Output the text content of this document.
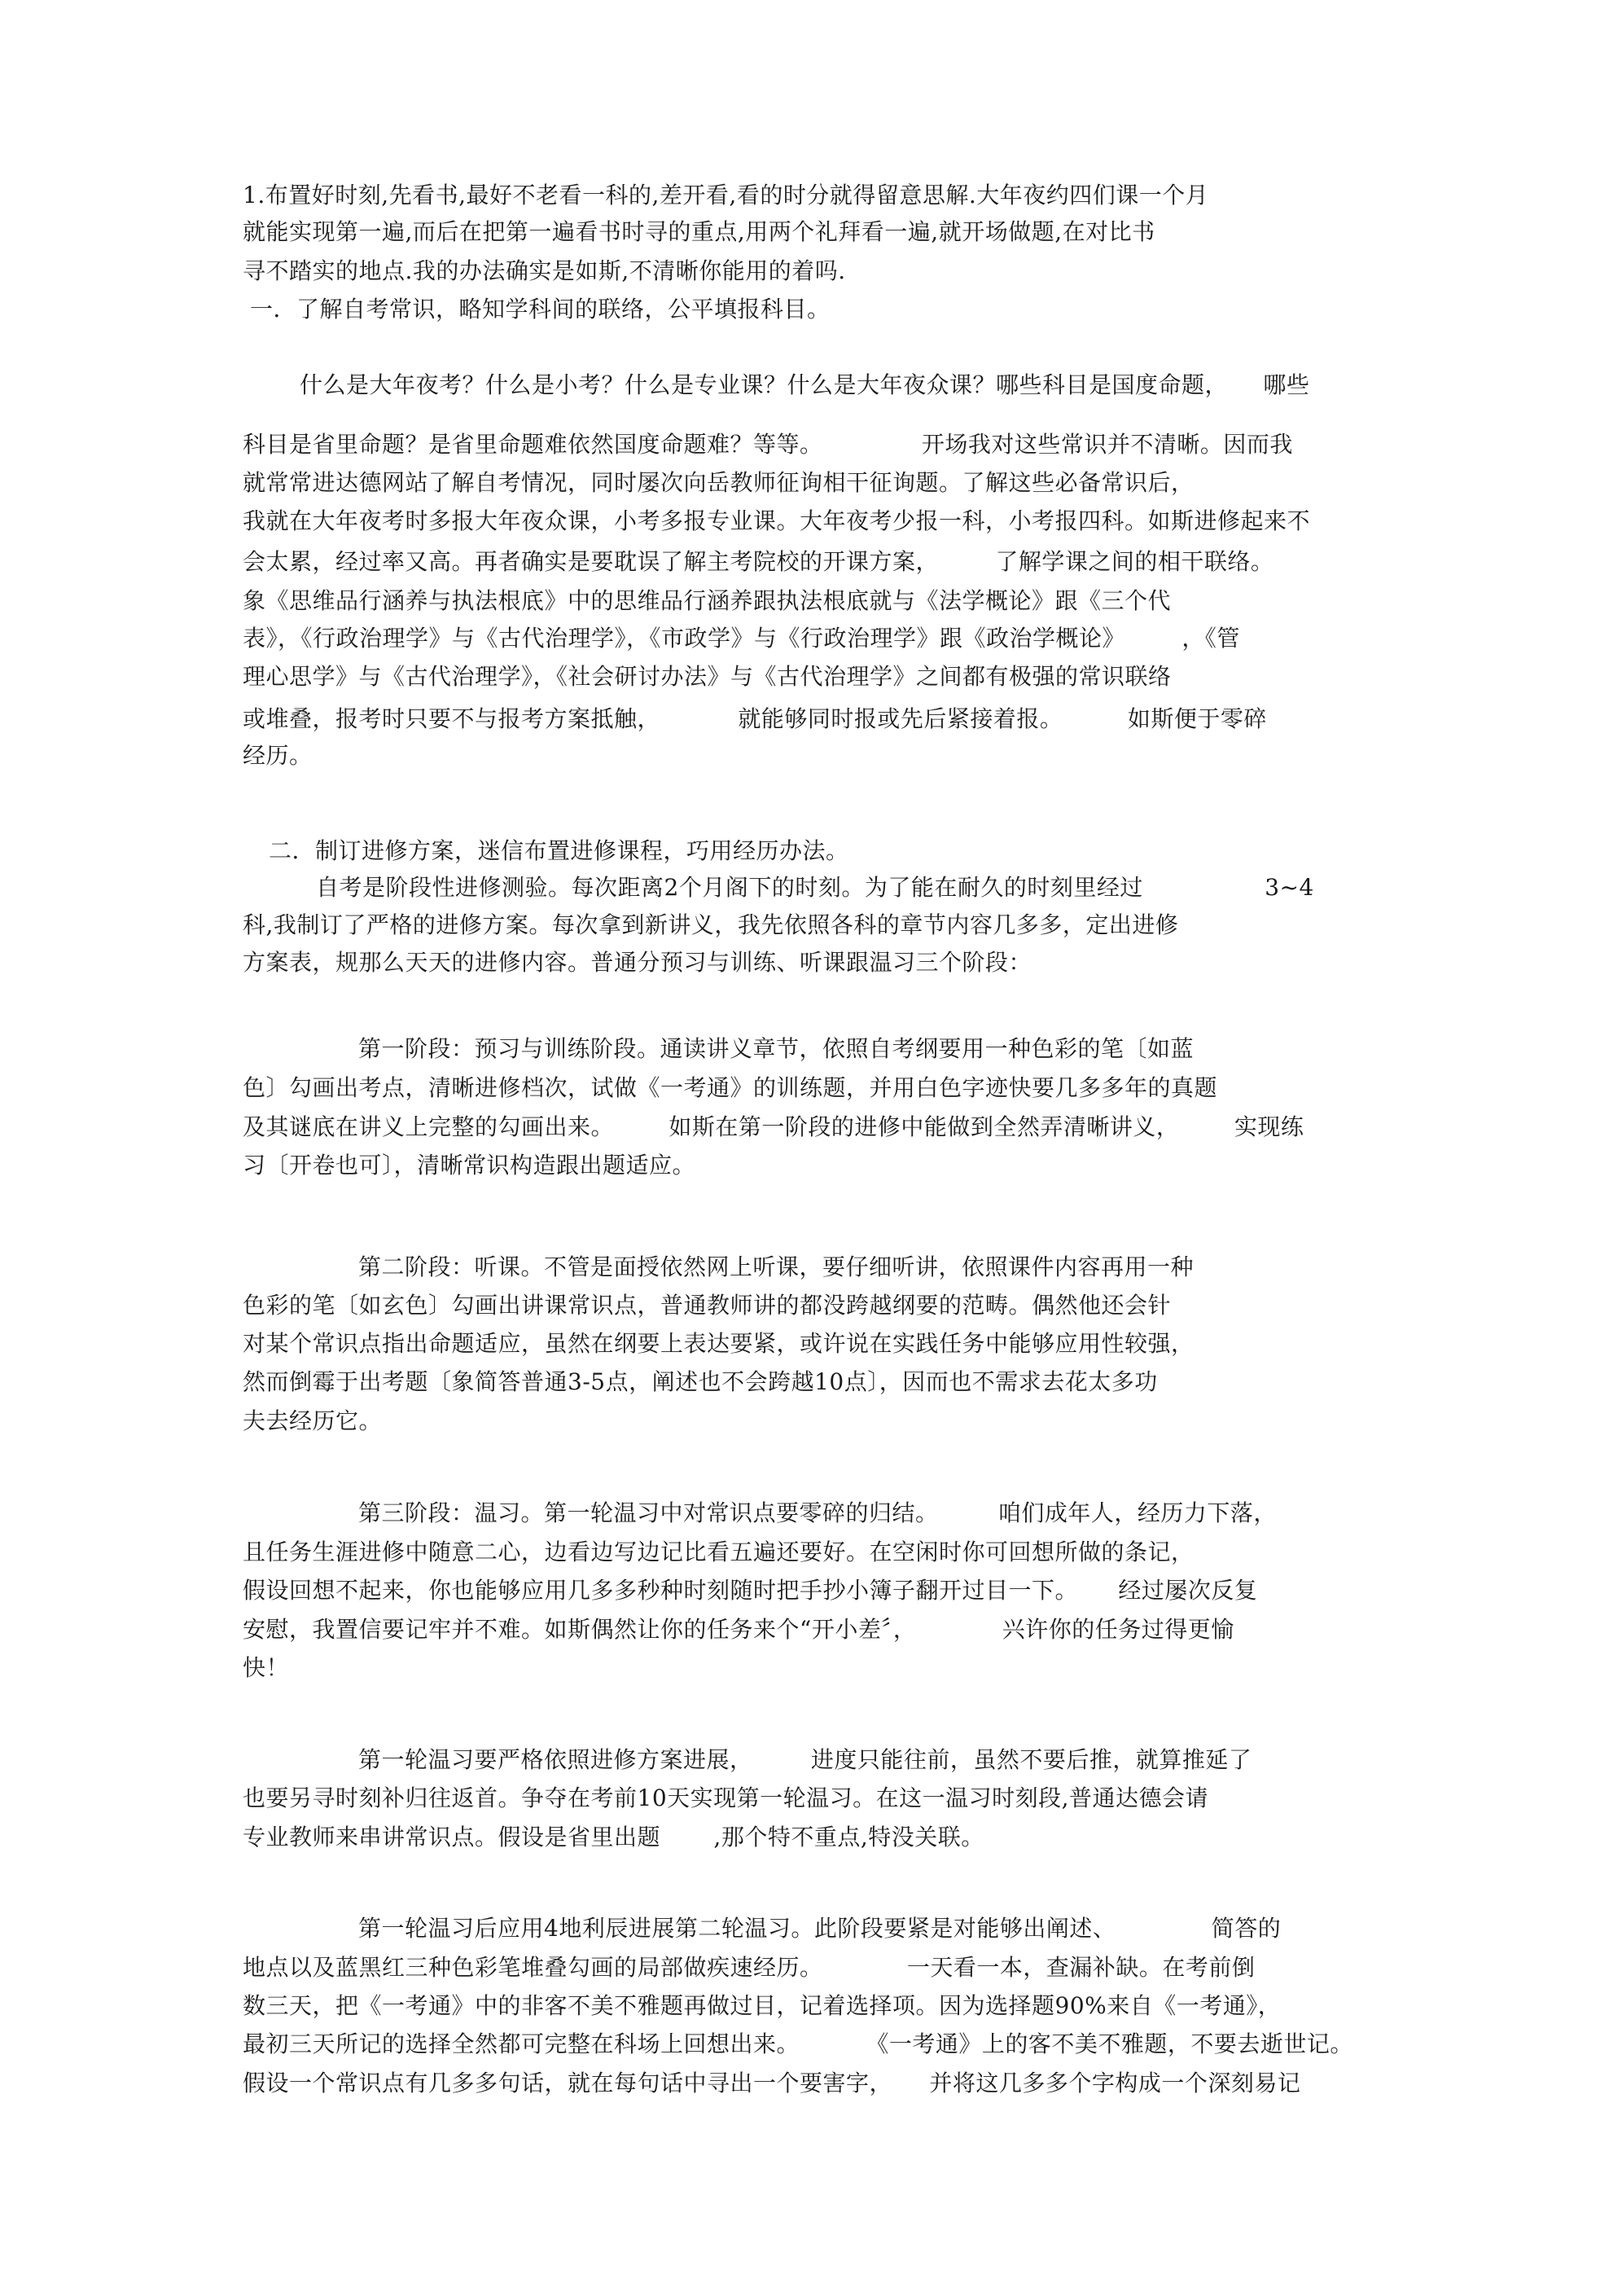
1.布置好时刻,先看书,最好不老看一科的,差开看,看的时分就得留意思解.大年夜约四们课一个月
就能实现第一遍,而后在把第一遍看书时寻的重点,用两个礼拜看一遍,就开场做题,在对比书
寻不踏实的地点.我的办法确实是如斯,不清晰你能用的着吗.
一．了解自考常识，略知学科间的联络，公平填报科目。
什么是大年夜考？什么是小考？什么是专业课？什么是大年夜众课？哪些科目是国度命题， 哪些
科目是省里命题？是省里命题难依然国度命题难？等等。	开场我对这些常识并不清晰。因而我
就常常进达德网站了解自考情况，同时屡次向岳教师征询相干征询题。了解这些必备常识后，
我就在大年夜考时多报大年夜众课，小考多报专业课。大年夜考少报一科，小考报四科。如斯进修起来不
会太累，经过率又高。再者确实是要耽误了解主考院校的开课方案， 了解学课之间的相干联络。
象《思维品行涵养与执法根底》中的思维品行涵养跟执法根底就与《法学概论》跟《三个代
表》，《行政治理学》与《古代治理学》，《市政学》与《行政治理学》跟《政治学概论》 ，《管
理心思学》与《古代治理学》，《社会研讨办法》与《古代治理学》之间都有极强的常识联络
或堆叠，报考时只要不与报考方案抵触，	就能够同时报或先后紧接着报。	如斯便于零碎
经历。
二．制订进修方案，迷信布置进修课程，巧用经历办法。
自考是阶段性进修测验。每次距离2个月阁下的时刻。为了能在耐久的时刻里经过	3~4
科,我制订了严格的进修方案。每次拿到新讲义，我先依照各科的章节内容几多多，定出进修
方案表，规那么天天的进修内容。普通分预习与训练、听课跟温习三个阶段：
第一阶段：预习与训练阶段。通读讲义章节，依照自考纲要用一种色彩的笔〔如蓝
色〕勾画出考点，清晰进修档次，试做《一考通》的训练题，并用白色字迹快要几多多年的真题
及其谜底在讲义上完整的勾画出来。 如斯在第一阶段的进修中能做到全然弄清晰讲义， 实现练
习〔开卷也可〕，清晰常识构造跟出题适应。
第二阶段：听课。不管是面授依然网上听课，要仔细听讲，依照课件内容再用一种
色彩的笔〔如玄色〕勾画出讲课常识点，普通教师讲的都没跨越纲要的范畴。偶然他还会针
对某个常识点指出命题适应，虽然在纲要上表达要紧，或许说在实践任务中能够应用性较强，
然而倒霉于出考题〔象简答普通3-5点，阐述也不会跨越10点〕，因而也不需求去花太多功
夫去经历它。
第三阶段：温习。第一轮温习中对常识点要零碎的归结。	咱们成年人，经历力下落，
且任务生涯进修中随意二心，边看边写边记比看五遍还要好。在空闲时你可回想所做的条记，
假设回想不起来，你也能够应用几多多秒种时刻随时把手抄小簿子翻开过目一下。 经过屡次反复
安慰，我置信要记牢并不难。如斯偶然让你的任务来个“开小差〞，	兴许你的任务过得更愉
快！
第一轮温习要严格依照进修方案进展，	进度只能往前，虽然不要后推，就算推延了
也要另寻时刻补归往返首。争夺在考前10天实现第一轮温习。在这一温习时刻段,普通达德会请
专业教师来串讲常识点。假设是省里出题 ,那个特不重点,特没关联。
第一轮温习后应用4地利辰进展第二轮温习。此阶段要紧是对能够出阐述、	简答的
地点以及蓝黑红三种色彩笔堆叠勾画的局部做疾速经历。	一天看一本，查漏补缺。在考前倒
数三天，把《一考通》中的非客不美不雅题再做过目，记着选择项。因为选择题90%来自《一考通》，
最初三天所记的选择全然都可完整在科场上回想出来。	《一考通》上的客不美不雅题，不要去逝世记。
假设一个常识点有几多多句话，就在每句话中寻出一个要害字， 并将这几多多个字构成一个深刻易记
